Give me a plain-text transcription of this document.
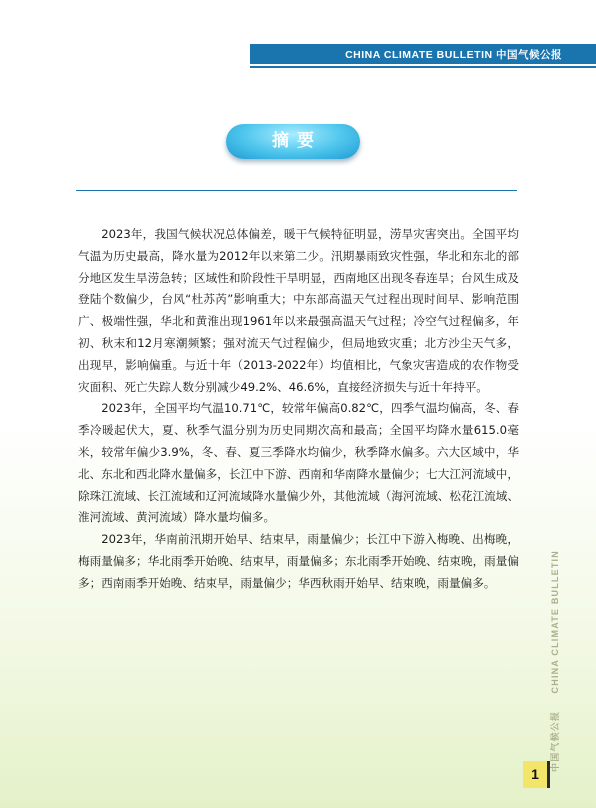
CHINA CLIMATE BULLETIN 中国气候公报
摘要

2023年，我国气候状况总体偏差，暖干气候特征明显，涝旱灾害突出。全国平均气温为历史最高，降水量为2012年以来第二少。汛期暴雨致灾性强，华北和东北的部分地区发生旱涝急转；区域性和阶段性干旱明显，西南地区出现冬春连旱；台风生成及登陆个数偏少，台风“杜苏芮”影响重大；中东部高温天气过程出现时间早、影响范围广、极端性强，华北和黄淮出现1961年以来最强高温天气过程；冷空气过程偏多，年初、秋末和12月寒潮频繁；强对流天气过程偏少，但局地致灾重；北方沙尘天气多，出现早，影响偏重。与近十年（2013-2022年）均值相比，气象灾害造成的农作物受灾面积、死亡失踪人数分别减少49.2%、46.6%，直接经济损失与近十年持平。

2023年，全国平均气温10.71℃，较常年偏高0.82℃，四季气温均偏高，冬、春季冷暖起伏大，夏、秋季气温分别为历史同期次高和最高；全国平均降水量615.0毫米，较常年偏少3.9%，冬、春、夏三季降水均偏少，秋季降水偏多。六大区域中，华北、东北和西北降水量偏多，长江中下游、西南和华南降水量偏少；七大江河流域中，除珠江流域、长江流域和辽河流域降水量偏少外，其他流域（海河流域、松花江流域、淮河流域、黄河流域）降水量均偏多。

2023年，华南前汛期开始早、结束早，雨量偏少；长江中下游入梅晚、出梅晚，梅雨量偏多；华北雨季开始晚、结束早，雨量偏多；东北雨季开始晚、结束晚，雨量偏多；西南雨季开始晚、结束早，雨量偏少；华西秋雨开始早、结束晚，雨量偏多。

中国气候公报    CHINA CLIMATE BULLETIN
1
